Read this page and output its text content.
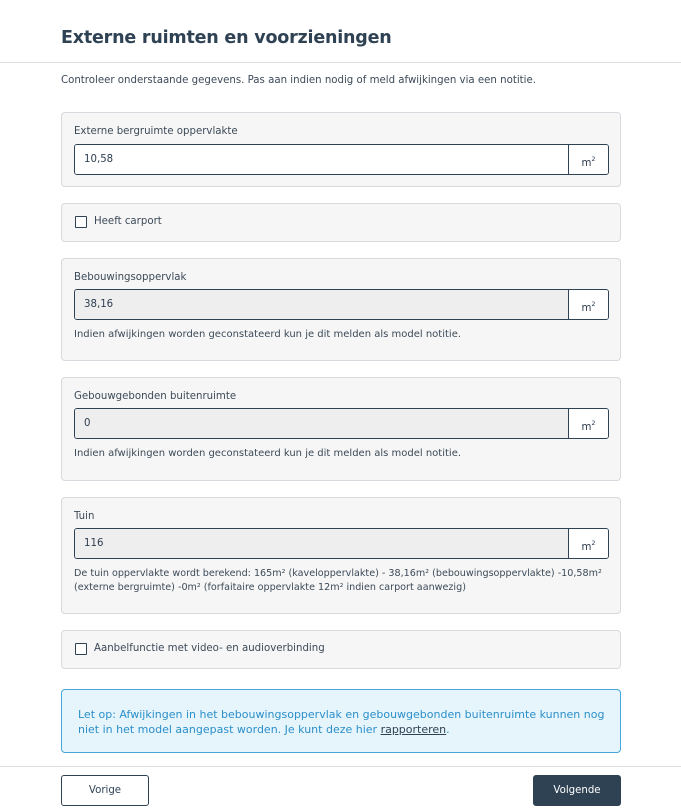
Externe ruimten en voorzieningen
Controleer onderstaande gegevens. Pas aan indien nodig of meld afwijkingen via een notitie.
Externe bergruimte oppervlakte
10,58	$m^2$
Heeft carport
Bebouwingsoppervlak
38,16	$m^2$
Indien afwijkingen worden geconstateerd kun je dit melden als model notitie.
Gebouwgebonden buitenruimte
0	$m^2$
Indien afwijkingen worden geconstateerd kun je dit melden als model notitie.
Tuin
116	$m^2$
De tuin oppervlakte wordt berekend: 165m² (kaveloppervlakte) - 38,16m² (bebouwingsoppervlakte) -10,58m² (externe bergruimte) -0m² (forfaitaire oppervlakte 12m² indien carport aanwezig)
Aanbelfunctie met video- en audioverbinding
Let op: Afwijkingen in het bebouwingsoppervlak en gebouwgebonden buitenruimte kunnen nog niet in het model aangepast worden. Je kunt deze hier rapporteren.
Vorige	Volgende
